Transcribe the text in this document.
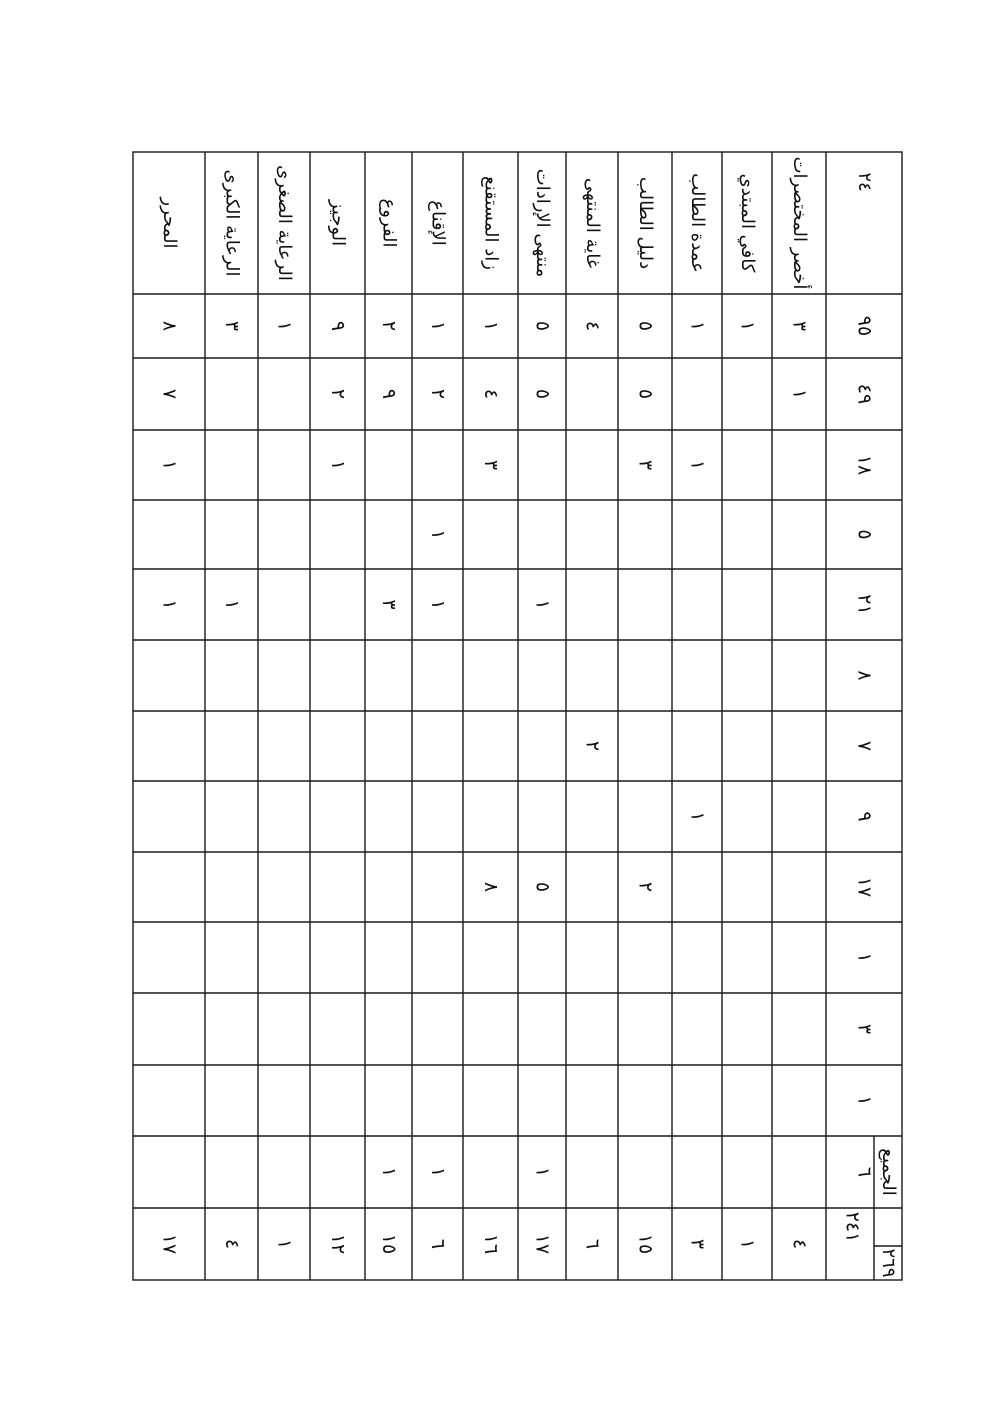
المحرر الرعاية الكبرى الرعاية الصغرى الوجيز الفروع الإقناع زاد المستقنع منتهى الإرادات غاية المنتهى دليل الطالب عمدة الطالب كافي المبتدي أخصر المختصرات ٢٤
٨
٧
١
١
١٧
٣
١
٤
١
١
٩
٢
١
١٢
٢
٩
٣
١
١٥
١
٢
١
١
١
٦
١
٤
٣
٨
١٦
٥
٥
١
٥
١
١٧
٤
٢
٦
٥
٥
٣
٢
١٥
١
١
١
٣
١
١
٣
١
٤
٩٥
٤٩
١٨
٥
٢١
٨
٧
٩
١٧
١
٣
١
٦
٢٤١
الجميع
٢٦٩
